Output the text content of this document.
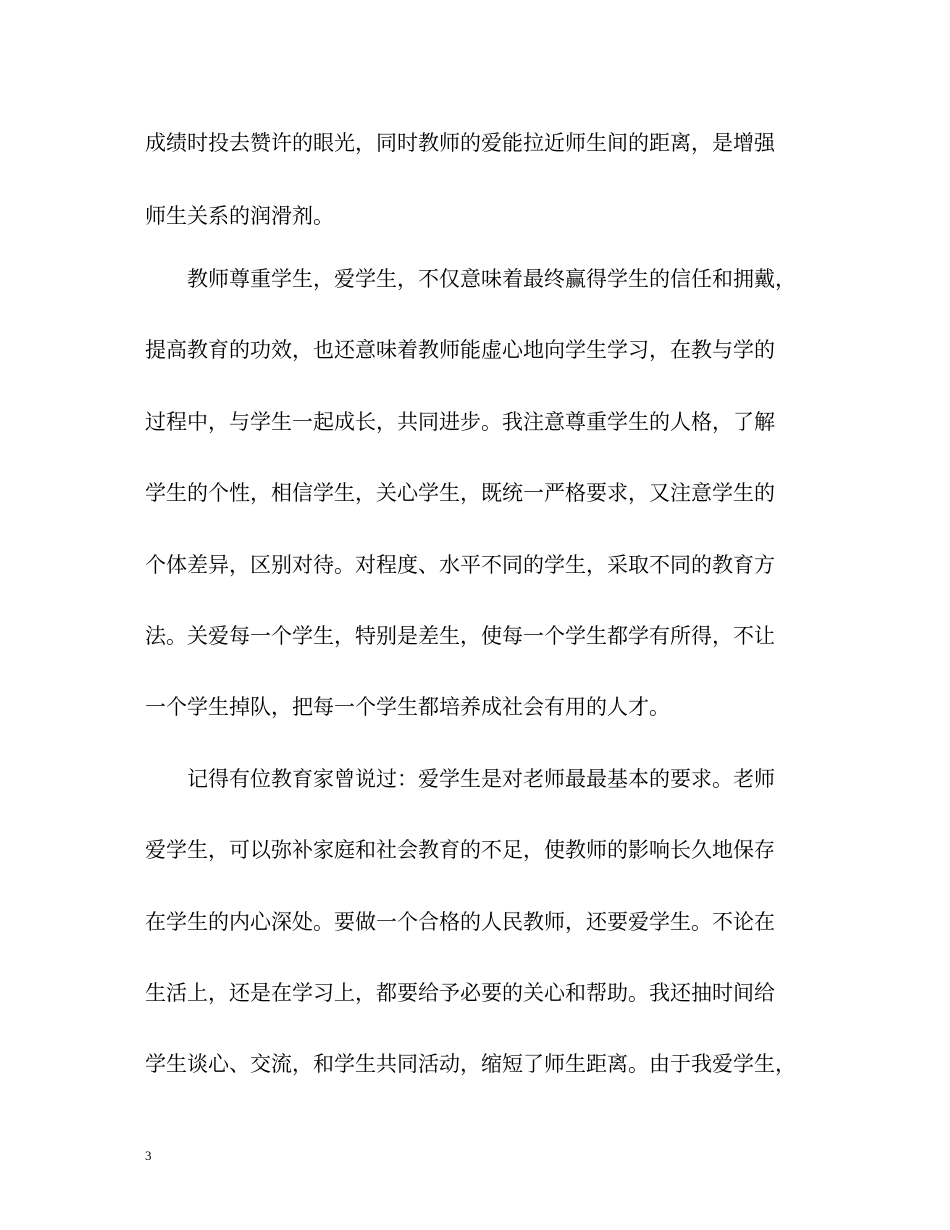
成绩时投去赞许的眼光，同时教师的爱能拉近师生间的距离，是增强
师生关系的润滑剂。
教师尊重学生，爱学生，不仅意味着最终赢得学生的信任和拥戴，
提高教育的功效，也还意味着教师能虚心地向学生学习，在教与学的
过程中，与学生一起成长，共同进步。我注意尊重学生的人格，了解
学生的个性，相信学生，关心学生，既统一严格要求，又注意学生的
个体差异，区别对待。对程度、水平不同的学生，采取不同的教育方
法。关爱每一个学生，特别是差生，使每一个学生都学有所得，不让
一个学生掉队，把每一个学生都培养成社会有用的人才。
记得有位教育家曾说过：爱学生是对老师最最基本的要求。老师
爱学生，可以弥补家庭和社会教育的不足，使教师的影响长久地保存
在学生的内心深处。要做一个合格的人民教师，还要爱学生。不论在
生活上，还是在学习上，都要给予必要的关心和帮助。我还抽时间给
学生谈心、交流，和学生共同活动，缩短了师生距离。由于我爱学生，
3
